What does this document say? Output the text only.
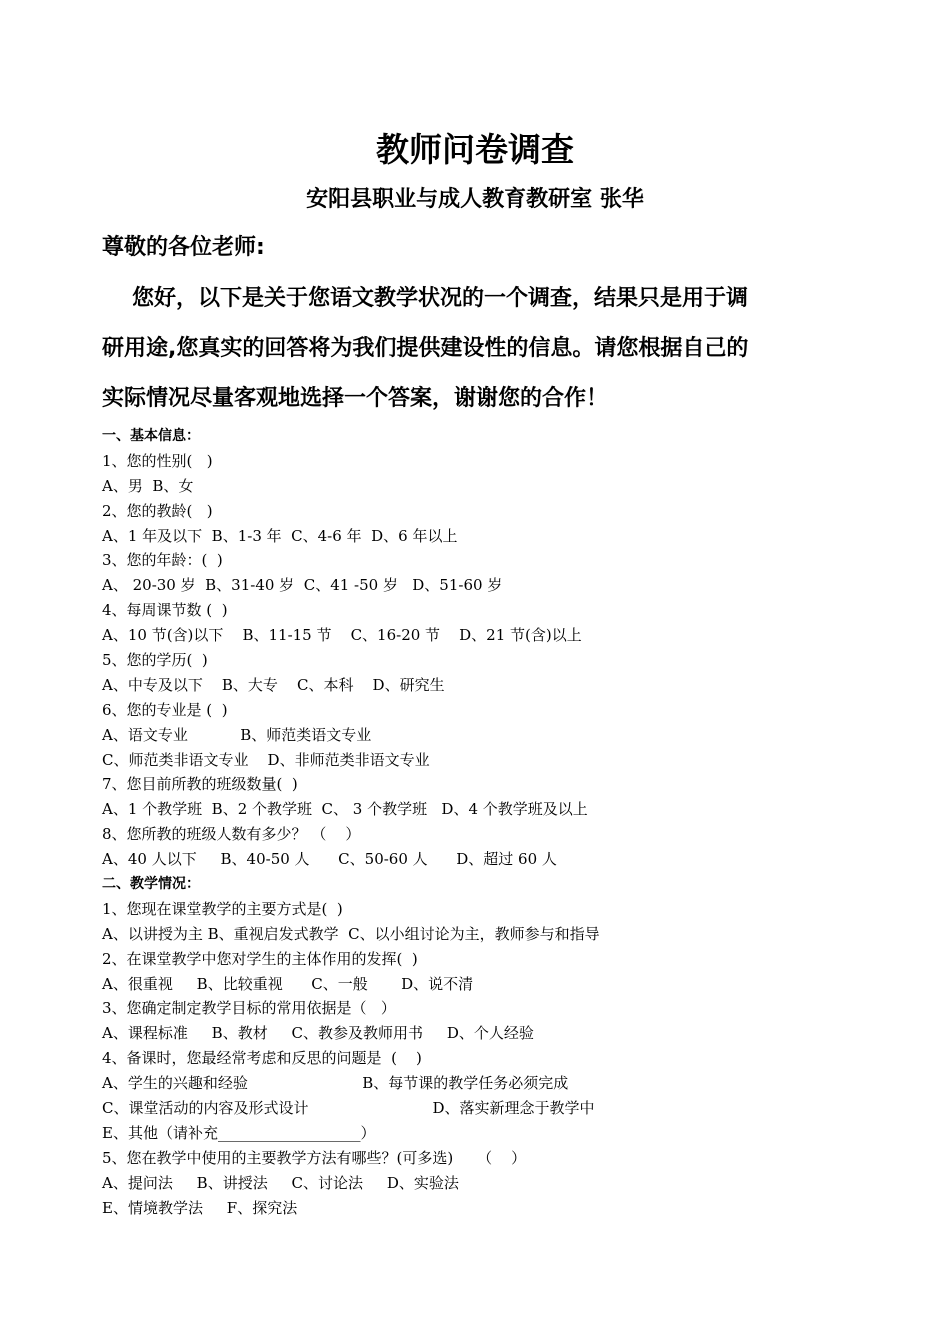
教师问卷调查
安阳县职业与成人教育教研室 张华
尊敬的各位老师:
您好，以下是关于您语文教学状况的一个调查，结果只是用于调
研用途,您真实的回答将为我们提供建设性的信息。请您根据自己的
实际情况尽量客观地选择一个答案，谢谢您的合作！
一、基本信息：
1、您的性别(   )
A、男  B、女
2、您的教龄(   )
A、1 年及以下  B、1-3 年  C、4-6 年  D、6 年以上
3、您的年龄：(  )
A、 20-30 岁  B、31-40 岁  C、41 -50 岁   D、51-60 岁
4、每周课节数 (  )
A、10 节(含)以下    B、11-15 节    C、16-20 节    D、21 节(含)以上
5、您的学历(  )
A、中专及以下    B、大专    C、本科    D、研究生
6、您的专业是 (  )
A、语文专业           B、师范类语文专业
C、师范类非语文专业    D、非师范类非语文专业
7、您目前所教的班级数量(  )
A、1 个教学班  B、2 个教学班  C、 3 个教学班   D、4 个教学班及以上
8、您所教的班级人数有多少？ （    ）
A、40 人以下     B、40-50 人      C、50-60 人      D、超过 60 人
二、教学情况：
1、您现在课堂教学的主要方式是(  )
A、以讲授为主 B、重视启发式教学  C、以小组讨论为主，教师参与和指导
2、在课堂教学中您对学生的主体作用的发挥(  )
A、很重视     B、比较重视      C、一般       D、说不清
3、您确定制定教学目标的常用依据是（   ）
A、课程标准     B、教材     C、教参及教师用书     D、个人经验
4、备课时，您最经常考虑和反思的问题是  (    )
A、学生的兴趣和经验                        B、每节课的教学任务必须完成
C、课堂活动的内容及形式设计                          D、落实新理念于教学中
E、其他（请补充___________________）
5、您在教学中使用的主要教学方法有哪些？(可多选)     （    ）
A、提问法     B、讲授法     C、讨论法     D、实验法
E、情境教学法     F、探究法
